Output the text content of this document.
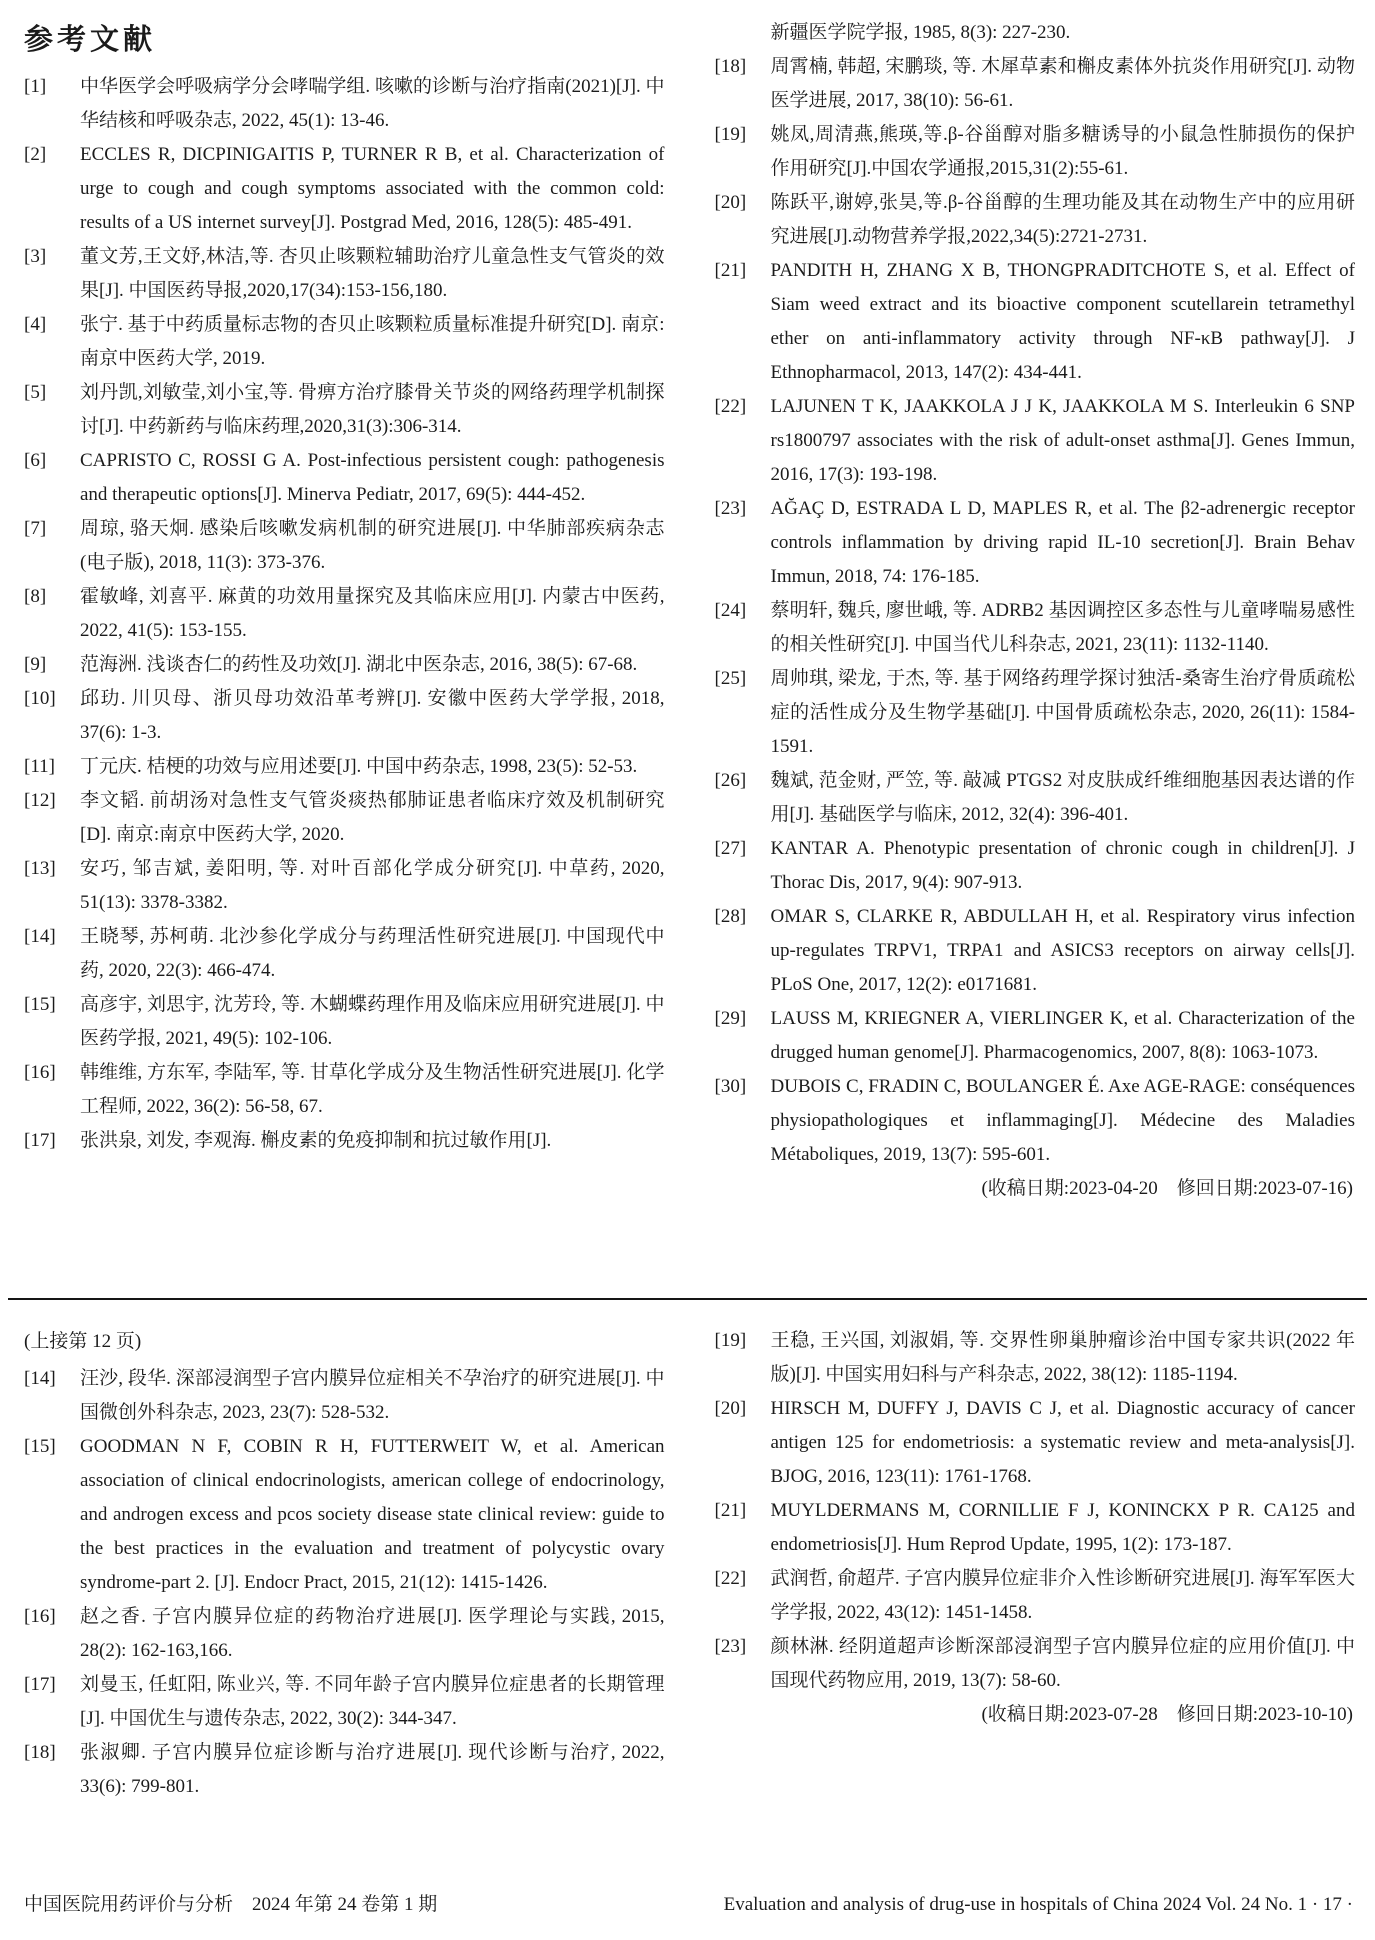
参考文献
[1]	中华医学会呼吸病学分会哮喘学组. 咳嗽的诊断与治疗指南(2021)[J]. 中华结核和呼吸杂志, 2022, 45(1): 13-46.
[2]	ECCLES R, DICPINIGAITIS P, TURNER R B, et al. Characterization of urge to cough and cough symptoms associated with the common cold: results of a US internet survey[J]. Postgrad Med, 2016, 128(5): 485-491.
[3]	董文芳,王文妤,林洁,等. 杏贝止咳颗粒辅助治疗儿童急性支气管炎的效果[J]. 中国医药导报,2020,17(34):153-156,180.
[4]	张宁. 基于中药质量标志物的杏贝止咳颗粒质量标准提升研究[D]. 南京:南京中医药大学, 2019.
[5]	刘丹凯,刘敏莹,刘小宝,等. 骨痹方治疗膝骨关节炎的网络药理学机制探讨[J]. 中药新药与临床药理,2020,31(3):306-314.
[6]	CAPRISTO C, ROSSI G A. Post-infectious persistent cough: pathogenesis and therapeutic options[J]. Minerva Pediatr, 2017, 69(5): 444-452.
[7]	周琼, 骆天炯. 感染后咳嗽发病机制的研究进展[J]. 中华肺部疾病杂志(电子版), 2018, 11(3): 373-376.
[8]	霍敏峰, 刘喜平. 麻黄的功效用量探究及其临床应用[J]. 内蒙古中医药, 2022, 41(5): 153-155.
[9]	范海洲. 浅谈杏仁的药性及功效[J]. 湖北中医杂志, 2016, 38(5): 67-68.
[10]	邱玏. 川贝母、浙贝母功效沿革考辨[J]. 安徽中医药大学学报, 2018, 37(6): 1-3.
[11]	丁元庆. 桔梗的功效与应用述要[J]. 中国中药杂志, 1998, 23(5): 52-53.
[12]	李文韬. 前胡汤对急性支气管炎痰热郁肺证患者临床疗效及机制研究[D]. 南京:南京中医药大学, 2020.
[13]	安巧, 邹吉斌, 姜阳明, 等. 对叶百部化学成分研究[J]. 中草药, 2020, 51(13): 3378-3382.
[14]	王晓琴, 苏柯萌. 北沙参化学成分与药理活性研究进展[J]. 中国现代中药, 2020, 22(3): 466-474.
[15]	高彦宇, 刘思宇, 沈芳玲, 等. 木蝴蝶药理作用及临床应用研究进展[J]. 中医药学报, 2021, 49(5): 102-106.
[16]	韩维维, 方东军, 李陆军, 等. 甘草化学成分及生物活性研究进展[J]. 化学工程师, 2022, 36(2): 56-58, 67.
[17]	张洪泉, 刘发, 李观海. 槲皮素的免疫抑制和抗过敏作用[J].
新疆医学院学报, 1985, 8(3): 227-230.
[18]	周霄楠, 韩超, 宋鹏琰, 等. 木犀草素和槲皮素体外抗炎作用研究[J]. 动物医学进展, 2017, 38(10): 56-61.
[19]	姚凤,周清燕,熊瑛,等.β-谷甾醇对脂多糖诱导的小鼠急性肺损伤的保护作用研究[J].中国农学通报,2015,31(2):55-61.
[20]	陈跃平,谢婷,张昊,等.β-谷甾醇的生理功能及其在动物生产中的应用研究进展[J].动物营养学报,2022,34(5):2721-2731.
[21]	PANDITH H, ZHANG X B, THONGPRADITCHOTE S, et al. Effect of Siam weed extract and its bioactive component scutellarein tetramethyl ether on anti-inflammatory activity through NF-κB pathway[J]. J Ethnopharmacol, 2013, 147(2): 434-441.
[22]	LAJUNEN T K, JAAKKOLA J J K, JAAKKOLA M S. Interleukin 6 SNP rs1800797 associates with the risk of adult-onset asthma[J]. Genes Immun, 2016, 17(3): 193-198.
[23]	AĞAÇ D, ESTRADA L D, MAPLES R, et al. The β2-adrenergic receptor controls inflammation by driving rapid IL-10 secretion[J]. Brain Behav Immun, 2018, 74: 176-185.
[24]	蔡明轩, 魏兵, 廖世峨, 等. ADRB2 基因调控区多态性与儿童哮喘易感性的相关性研究[J]. 中国当代儿科杂志, 2021, 23(11): 1132-1140.
[25]	周帅琪, 梁龙, 于杰, 等. 基于网络药理学探讨独活-桑寄生治疗骨质疏松症的活性成分及生物学基础[J]. 中国骨质疏松杂志, 2020, 26(11): 1584-1591.
[26]	魏斌, 范金财, 严笠, 等. 敲减 PTGS2 对皮肤成纤维细胞基因表达谱的作用[J]. 基础医学与临床, 2012, 32(4): 396-401.
[27]	KANTAR A. Phenotypic presentation of chronic cough in children[J]. J Thorac Dis, 2017, 9(4): 907-913.
[28]	OMAR S, CLARKE R, ABDULLAH H, et al. Respiratory virus infection up-regulates TRPV1, TRPA1 and ASICS3 receptors on airway cells[J]. PLoS One, 2017, 12(2): e0171681.
[29]	LAUSS M, KRIEGNER A, VIERLINGER K, et al. Characterization of the drugged human genome[J]. Pharmacogenomics, 2007, 8(8): 1063-1073.
[30]	DUBOIS C, FRADIN C, BOULANGER É. Axe AGE-RAGE: conséquences physiopathologiques et inflammaging[J]. Médecine des Maladies Métaboliques, 2019, 13(7): 595-601.
(收稿日期:2023-04-20　修回日期:2023-07-16)
(上接第 12 页)
[14]	汪沙, 段华. 深部浸润型子宫内膜异位症相关不孕治疗的研究进展[J]. 中国微创外科杂志, 2023, 23(7): 528-532.
[15]	GOODMAN N F, COBIN R H, FUTTERWEIT W, et al. American association of clinical endocrinologists, american college of endocrinology, and androgen excess and pcos society disease state clinical review: guide to the best practices in the evaluation and treatment of polycystic ovary syndrome-part 2. [J]. Endocr Pract, 2015, 21(12): 1415-1426.
[16]	赵之香. 子宫内膜异位症的药物治疗进展[J]. 医学理论与实践, 2015, 28(2): 162-163,166.
[17]	刘曼玉, 任虹阳, 陈业兴, 等. 不同年龄子宫内膜异位症患者的长期管理[J]. 中国优生与遗传杂志, 2022, 30(2): 344-347.
[18]	张淑卿. 子宫内膜异位症诊断与治疗进展[J]. 现代诊断与治疗, 2022, 33(6): 799-801.
[19]	王稳, 王兴国, 刘淑娟, 等. 交界性卵巢肿瘤诊治中国专家共识(2022 年版)[J]. 中国实用妇科与产科杂志, 2022, 38(12): 1185-1194.
[20]	HIRSCH M, DUFFY J, DAVIS C J, et al. Diagnostic accuracy of cancer antigen 125 for endometriosis: a systematic review and meta-analysis[J]. BJOG, 2016, 123(11): 1761-1768.
[21]	MUYLDERMANS M, CORNILLIE F J, KONINCKX P R. CA125 and endometriosis[J]. Hum Reprod Update, 1995, 1(2): 173-187.
[22]	武润哲, 俞超芹. 子宫内膜异位症非介入性诊断研究进展[J]. 海军军医大学学报, 2022, 43(12): 1451-1458.
[23]	颜林淋. 经阴道超声诊断深部浸润型子宫内膜异位症的应用价值[J]. 中国现代药物应用, 2019, 13(7): 58-60.
(收稿日期:2023-07-28　修回日期:2023-10-10)
中国医院用药评价与分析　2024 年第 24 卷第 1 期	Evaluation and analysis of drug-use in hospitals of China 2024 Vol. 24 No. 1 · 17 ·
